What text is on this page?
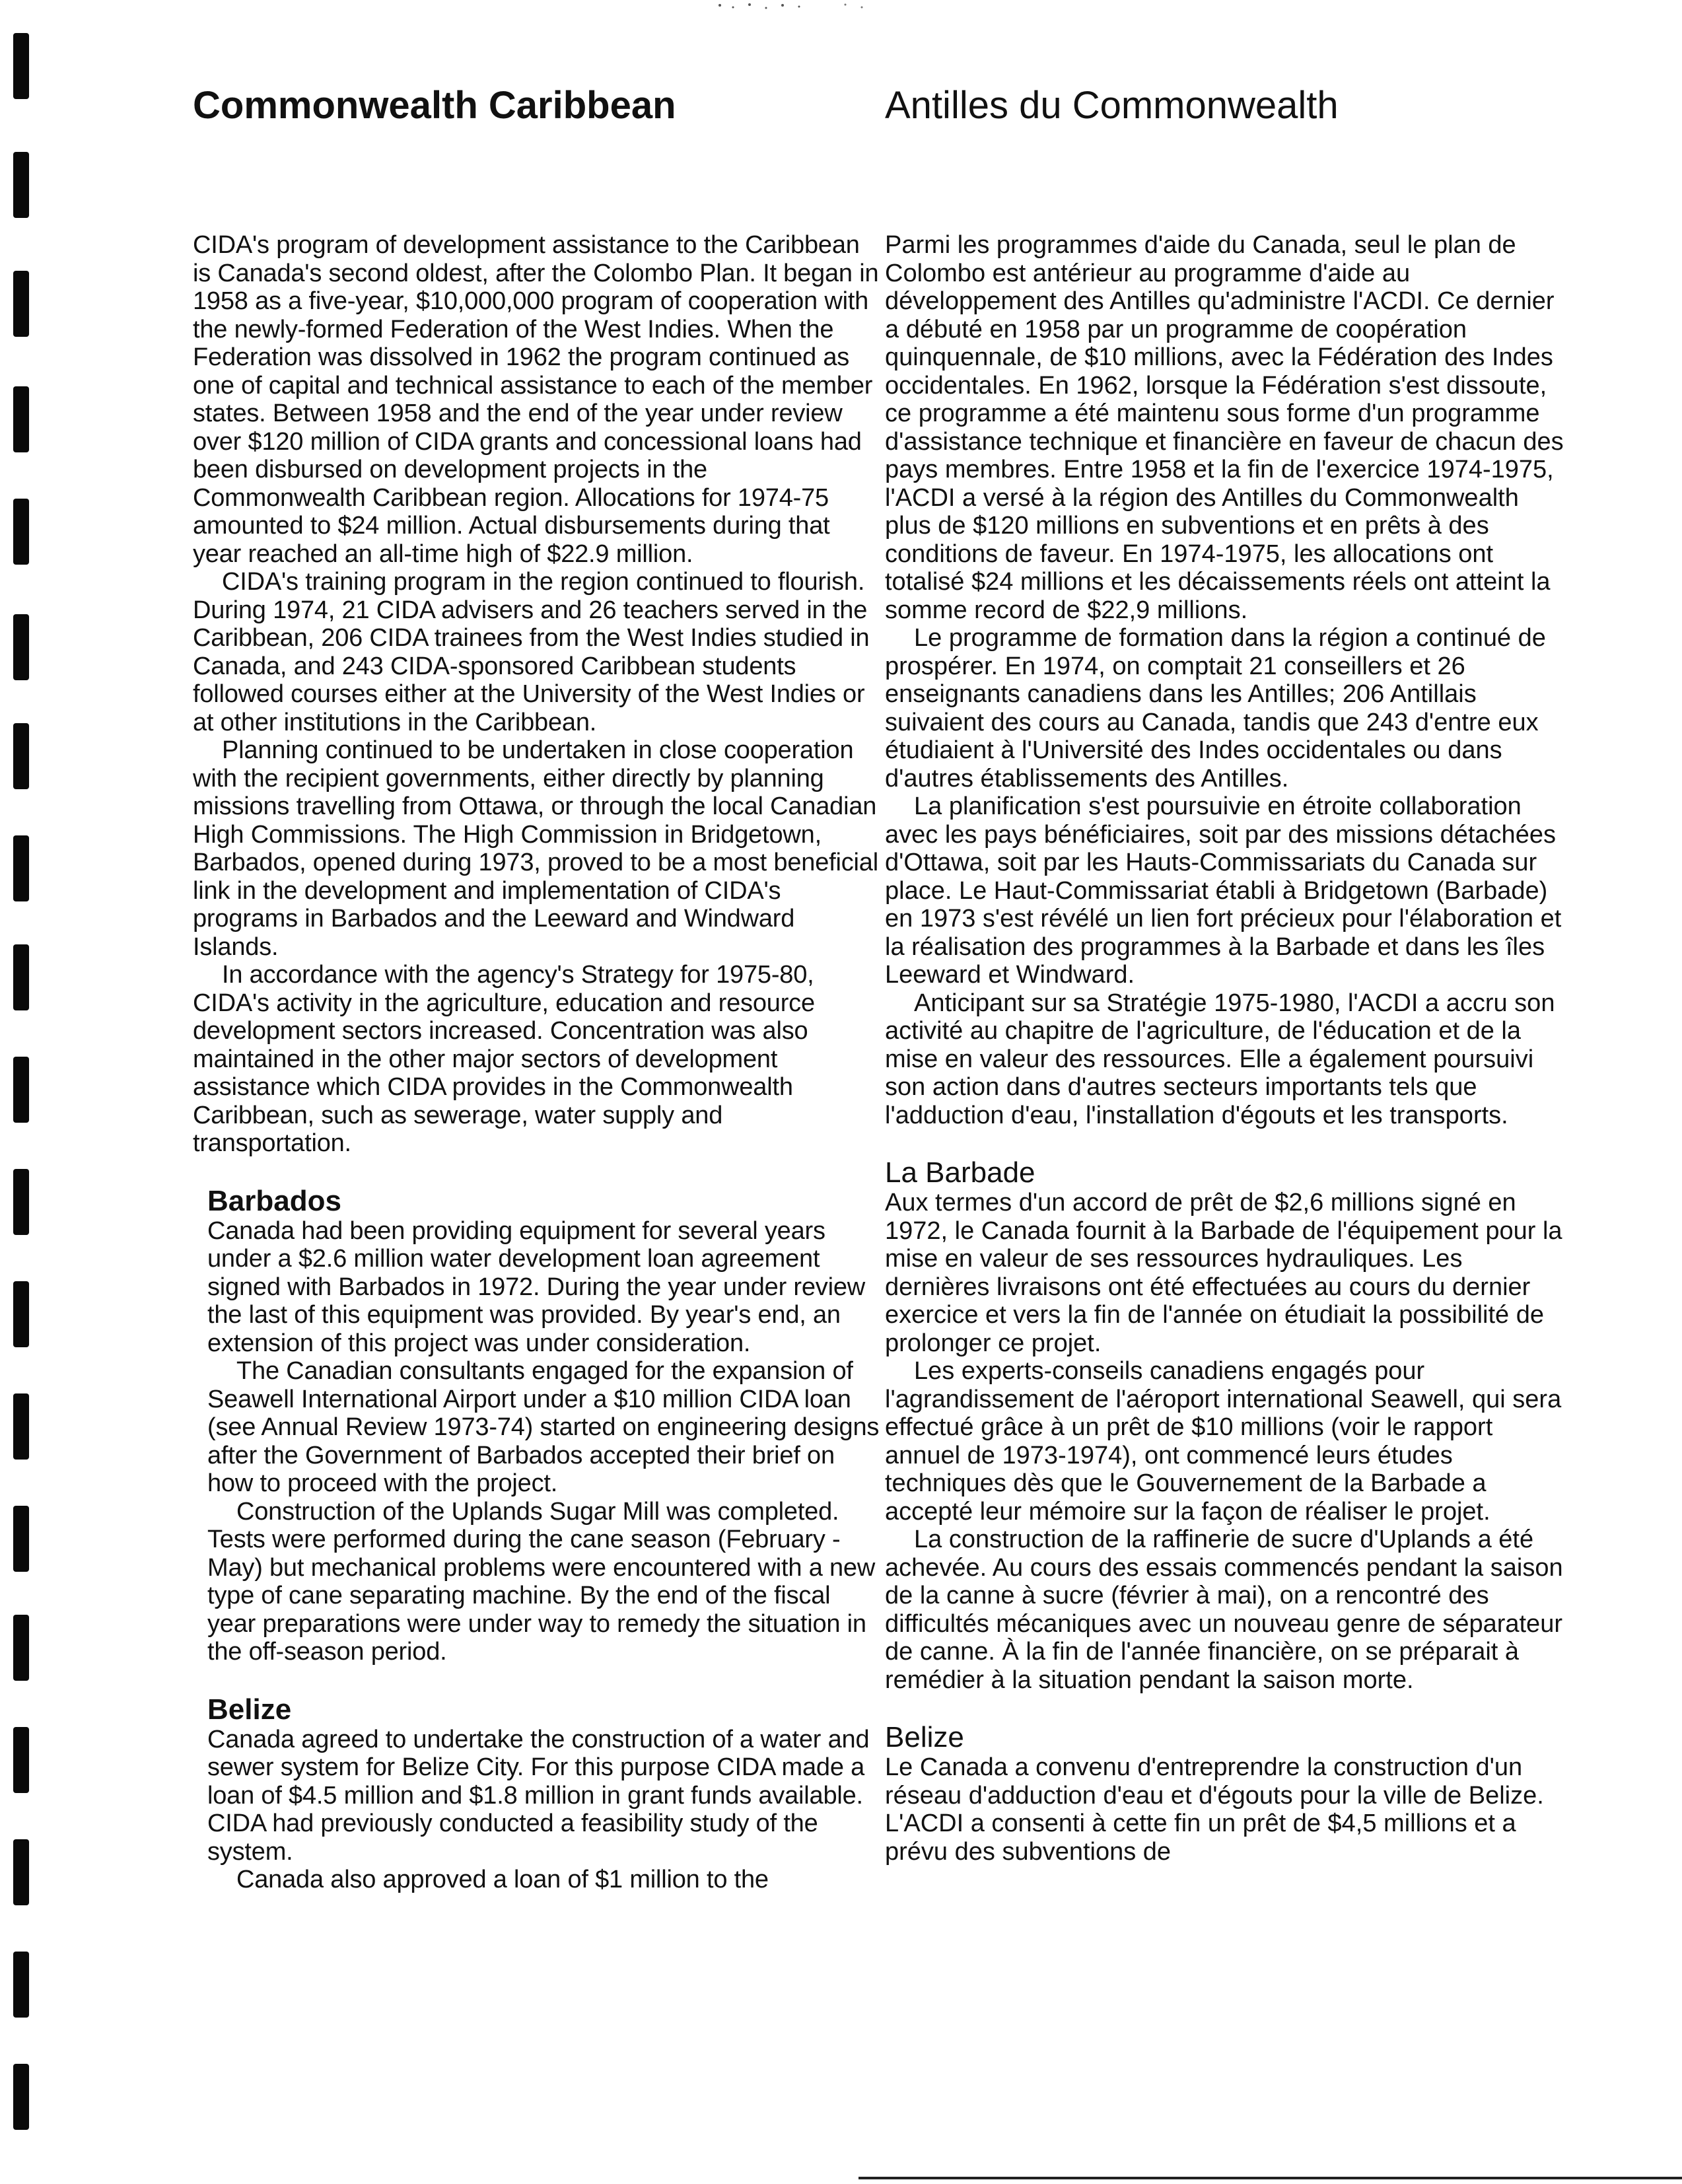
Commonwealth Caribbean

CIDA's program of development assistance to the Caribbean is Canada's second oldest, after the Colombo Plan. It began in 1958 as a five-year, $10,000,000 program of cooperation with the newly-formed Federation of the West Indies. When the Federation was dissolved in 1962 the program continued as one of capital and technical assistance to each of the member states. Between 1958 and the end of the year under review over $120 million of CIDA grants and concessional loans had been disbursed on development projects in the Commonwealth Caribbean region. Allocations for 1974-75 amounted to $24 million. Actual disbursements during that year reached an all-time high of $22.9 million.

CIDA's training program in the region continued to flourish. During 1974, 21 CIDA advisers and 26 teachers served in the Caribbean, 206 CIDA trainees from the West Indies studied in Canada, and 243 CIDA-sponsored Caribbean students followed courses either at the University of the West Indies or at other institutions in the Caribbean.

Planning continued to be undertaken in close cooperation with the recipient governments, either directly by planning missions travelling from Ottawa, or through the local Canadian High Commissions. The High Commission in Bridgetown, Barbados, opened during 1973, proved to be a most beneficial link in the development and implementation of CIDA's programs in Barbados and the Leeward and Windward Islands.

In accordance with the agency's Strategy for 1975-80, CIDA's activity in the agriculture, education and resource development sectors increased. Concentration was also maintained in the other major sectors of development assistance which CIDA provides in the Commonwealth Caribbean, such as sewerage, water supply and transportation.

Barbados

Canada had been providing equipment for several years under a $2.6 million water development loan agreement signed with Barbados in 1972. During the year under review the last of this equipment was provided. By year's end, an extension of this project was under consideration.

The Canadian consultants engaged for the expansion of Seawell International Airport under a $10 million CIDA loan (see Annual Review 1973-74) started on engineering designs after the Government of Barbados accepted their brief on how to proceed with the project.

Construction of the Uplands Sugar Mill was completed. Tests were performed during the cane season (February - May) but mechanical problems were encountered with a new type of cane separating machine. By the end of the fiscal year preparations were under way to remedy the situation in the off-season period.

Belize

Canada agreed to undertake the construction of a water and sewer system for Belize City. For this purpose CIDA made a loan of $4.5 million and $1.8 million in grant funds available. CIDA had previously conducted a feasibility study of the system.

Canada also approved a loan of $1 million to the

Antilles du Commonwealth

Parmi les programmes d'aide du Canada, seul le plan de Colombo est antérieur au programme d'aide au développement des Antilles qu'administre l'ACDI. Ce dernier a débuté en 1958 par un programme de coopération quinquennale, de $10 millions, avec la Fédération des Indes occidentales. En 1962, lorsque la Fédération s'est dissoute, ce programme a été maintenu sous forme d'un programme d'assistance technique et financière en faveur de chacun des pays membres. Entre 1958 et la fin de l'exercice 1974-1975, l'ACDI a versé à la région des Antilles du Commonwealth plus de $120 millions en subventions et en prêts à des conditions de faveur. En 1974-1975, les allocations ont totalisé $24 millions et les décaissements réels ont atteint la somme record de $22,9 millions.

Le programme de formation dans la région a continué de prospérer. En 1974, on comptait 21 conseillers et 26 enseignants canadiens dans les Antilles; 206 Antillais suivaient des cours au Canada, tandis que 243 d'entre eux étudiaient à l'Université des Indes occidentales ou dans d'autres établissements des Antilles.

La planification s'est poursuivie en étroite collaboration avec les pays bénéficiaires, soit par des missions détachées d'Ottawa, soit par les Hauts-Commissariats du Canada sur place. Le Haut-Commissariat établi à Bridgetown (Barbade) en 1973 s'est révélé un lien fort précieux pour l'élaboration et la réalisation des programmes à la Barbade et dans les îles Leeward et Windward.

Anticipant sur sa Stratégie 1975-1980, l'ACDI a accru son activité au chapitre de l'agriculture, de l'éducation et de la mise en valeur des ressources. Elle a également poursuivi son action dans d'autres secteurs importants tels que l'adduction d'eau, l'installation d'égouts et les transports.

La Barbade

Aux termes d'un accord de prêt de $2,6 millions signé en 1972, le Canada fournit à la Barbade de l'équipement pour la mise en valeur de ses ressources hydrauliques. Les dernières livraisons ont été effectuées au cours du dernier exercice et vers la fin de l'année on étudiait la possibilité de prolonger ce projet.

Les experts-conseils canadiens engagés pour l'agrandissement de l'aéroport international Seawell, qui sera effectué grâce à un prêt de $10 millions (voir le rapport annuel de 1973-1974), ont commencé leurs études techniques dès que le Gouvernement de la Barbade a accepté leur mémoire sur la façon de réaliser le projet.

La construction de la raffinerie de sucre d'Uplands a été achevée. Au cours des essais commencés pendant la saison de la canne à sucre (février à mai), on a rencontré des difficultés mécaniques avec un nouveau genre de séparateur de canne. À la fin de l'année financière, on se préparait à remédier à la situation pendant la saison morte.

Belize

Le Canada a convenu d'entreprendre la construction d'un réseau d'adduction d'eau et d'égouts pour la ville de Belize. L'ACDI a consenti à cette fin un prêt de $4,5 millions et a prévu des subventions de
